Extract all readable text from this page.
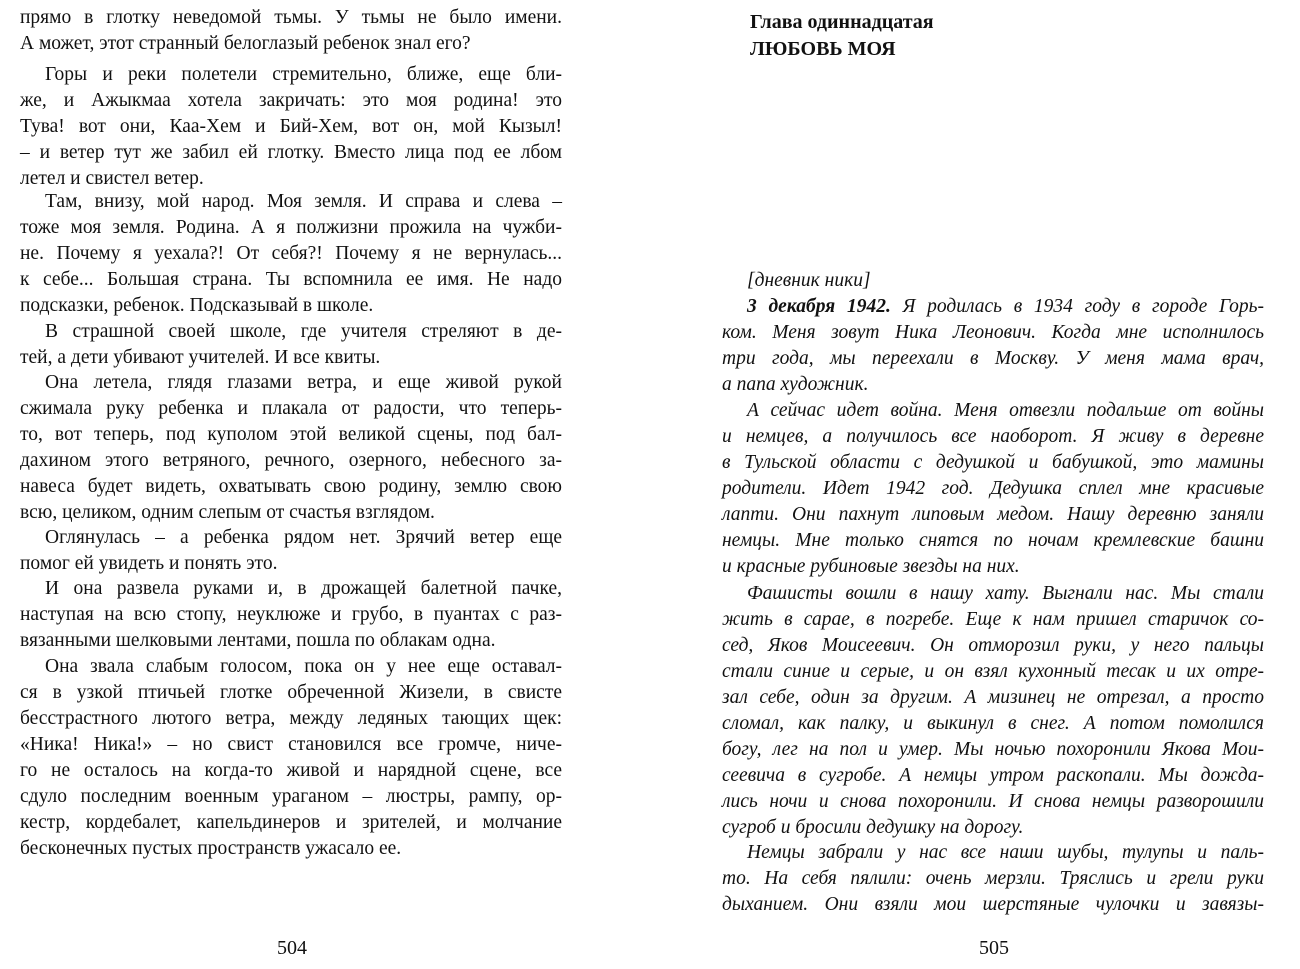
прямо в глотку неведомой тьмы. У тьмы не было имени.
А может, этот странный белоглазый ребенок знал его?
Горы и реки полетели стремительно, ближе, еще бли-
же, и Ажыкмаа хотела закричать: это моя родина! это
Тува! вот они, Каа-Хем и Бий-Хем, вот он, мой Кызыл!
– и ветер тут же забил ей глотку. Вместо лица под ее лбом
летел и свистел ветер.
Там, внизу, мой народ. Моя земля. И справа и слева –
тоже моя земля. Родина. А я полжизни прожила на чужби-
не. Почему я уехала?! От себя?! Почему я не вернулась...
к себе... Большая страна. Ты вспомнила ее имя. Не надо
подсказки, ребенок. Подсказывай в школе.
В страшной своей школе, где учителя стреляют в де-
тей, а дети убивают учителей. И все квиты.
Она летела, глядя глазами ветра, и еще живой рукой
сжимала руку ребенка и плакала от радости, что теперь-
то, вот теперь, под куполом этой великой сцены, под бал-
дахином этого ветряного, речного, озерного, небесного за-
навеса будет видеть, охватывать свою родину, землю свою
всю, целиком, одним слепым от счастья взглядом.
Оглянулась – а ребенка рядом нет. Зрячий ветер еще
помог ей увидеть и понять это.
И она развела руками и, в дрожащей балетной пачке,
наступая на всю стопу, неуклюже и грубо, в пуантах с раз-
вязанными шелковыми лентами, пошла по облакам одна.
Она звала слабым голосом, пока он у нее еще оставал-
ся в узкой птичьей глотке обреченной Жизели, в свисте
бесстрастного лютого ветра, между ледяных тающих щек:
«Ника! Ника!» – но свист становился все громче, ниче-
го не осталось на когда-то живой и нарядной сцене, все
сдуло последним военным ураганом – люстры, рампу, ор-
кестр, кордебалет, капельдинеров и зрителей, и молчание
бесконечных пустых пространств ужасало ее.
504
Глава одиннадцатая
ЛЮБОВЬ МОЯ
[дневник ники]
3 декабря 1942. Я родилась в 1934 году в городе Горь-
ком. Меня зовут Ника Леонович. Когда мне исполнилось
три года, мы переехали в Москву. У меня мама врач,
а папа художник.
А сейчас идет война. Меня отвезли подальше от войны
и немцев, а получилось все наоборот. Я живу в деревне
в Тульской области с дедушкой и бабушкой, это мамины
родители. Идет 1942 год. Дедушка сплел мне красивые
лапти. Они пахнут липовым медом. Нашу деревню заняли
немцы. Мне только снятся по ночам кремлевские башни
и красные рубиновые звезды на них.
Фашисты вошли в нашу хату. Выгнали нас. Мы стали
жить в сарае, в погребе. Еще к нам пришел старичок со-
сед, Яков Моисеевич. Он отморозил руки, у него пальцы
стали синие и серые, и он взял кухонный тесак и их отре-
зал себе, один за другим. А мизинец не отрезал, а просто
сломал, как палку, и выкинул в снег. А потом помолился
богу, лег на пол и умер. Мы ночью похоронили Якова Мои-
сеевича в сугробе. А немцы утром раскопали. Мы дожда-
лись ночи и снова похоронили. И снова немцы разворошили
сугроб и бросили дедушку на дорогу.
Немцы забрали у нас все наши шубы, тулупы и паль-
то. На себя пялили: очень мерзли. Тряслись и грели руки
дыханием. Они взяли мои шерстяные чулочки и завязы-
505
